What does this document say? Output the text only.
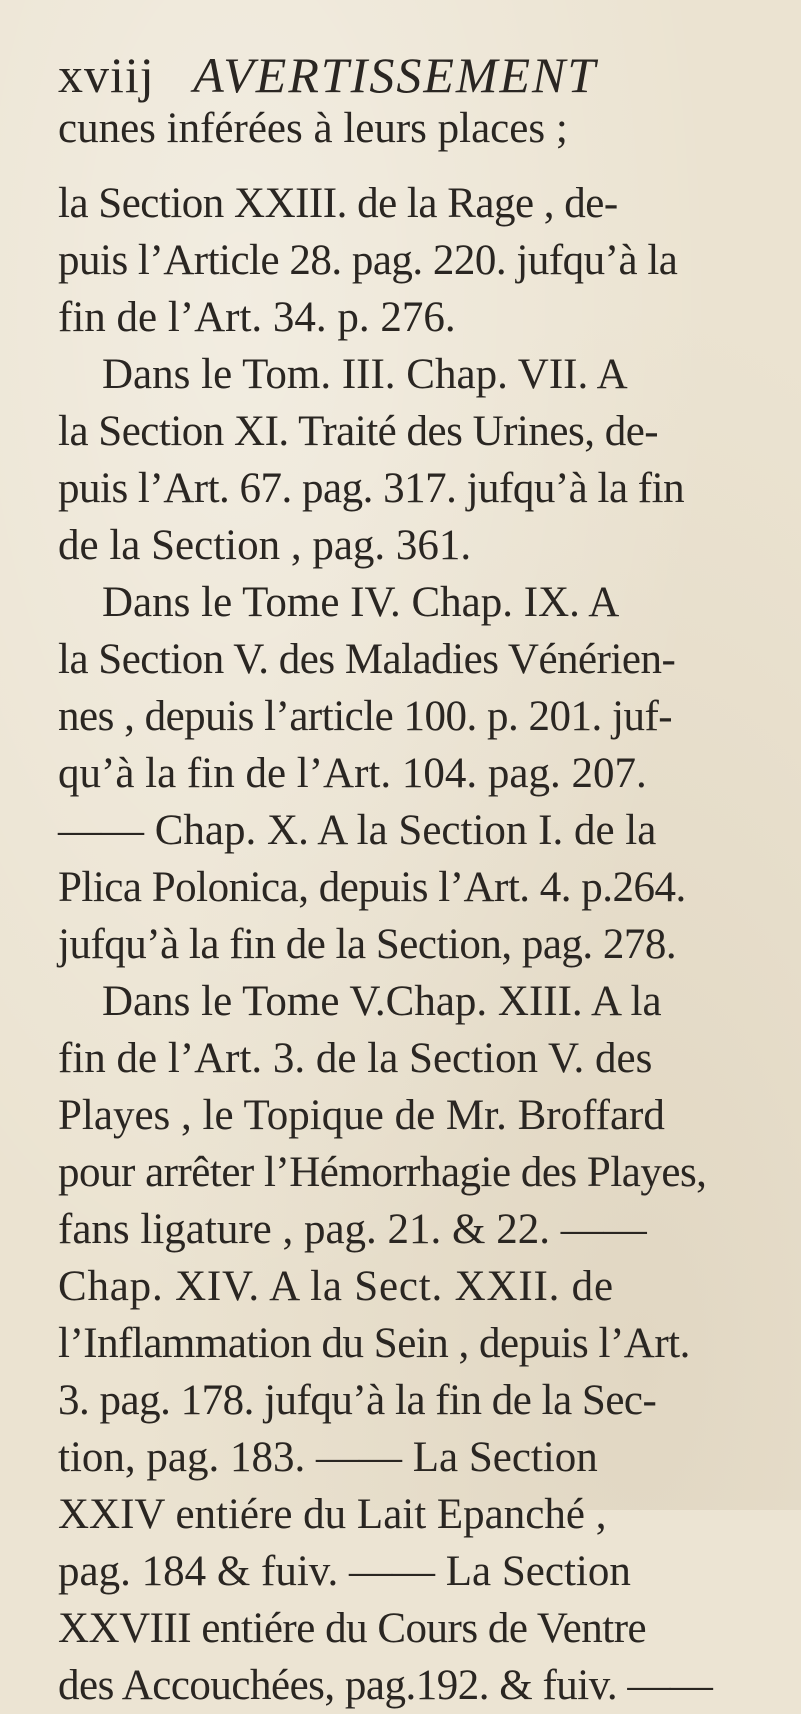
xviij AVERTISSEMENT
cunes inférées à leurs places ;
la Section XXIII. de la Rage , de-
puis l’Article 28. pag. 220. jufqu’à la
fin de l’Art. 34. p. 276.
Dans le Tom. III. Chap. VII. A
la Section XI. Traité des Urines, de-
puis l’Art. 67. pag. 317. jufqu’à la fin
de la Section , pag. 361.
Dans le Tome IV. Chap. IX. A
la Section V. des Maladies Vénérien-
nes , depuis l’article 100. p. 201. juf-
qu’à la fin de l’Art. 104. pag. 207.
—— Chap. X. A la Section I. de la
Plica Polonica, depuis l’Art. 4. p.264.
jufqu’à la fin de la Section, pag. 278.
Dans le Tome V.Chap. XIII. A la
fin de l’Art. 3. de la Section V. des
Playes , le Topique de Mr. Broffard
pour arrêter l’Hémorrhagie des Playes,
fans ligature , pag. 21. & 22. ——
Chap. XIV. A la Sect. XXII. de
l’Inflammation du Sein , depuis l’Art.
3. pag. 178. jufqu’à la fin de la Sec-
tion, pag. 183. —— La Section
XXIV entiére du Lait Epanché ,
pag. 184 & fuiv. —— La Section
XXVIII entiére du Cours de Ventre
des Accouchées, pag.192. & fuiv. ——
